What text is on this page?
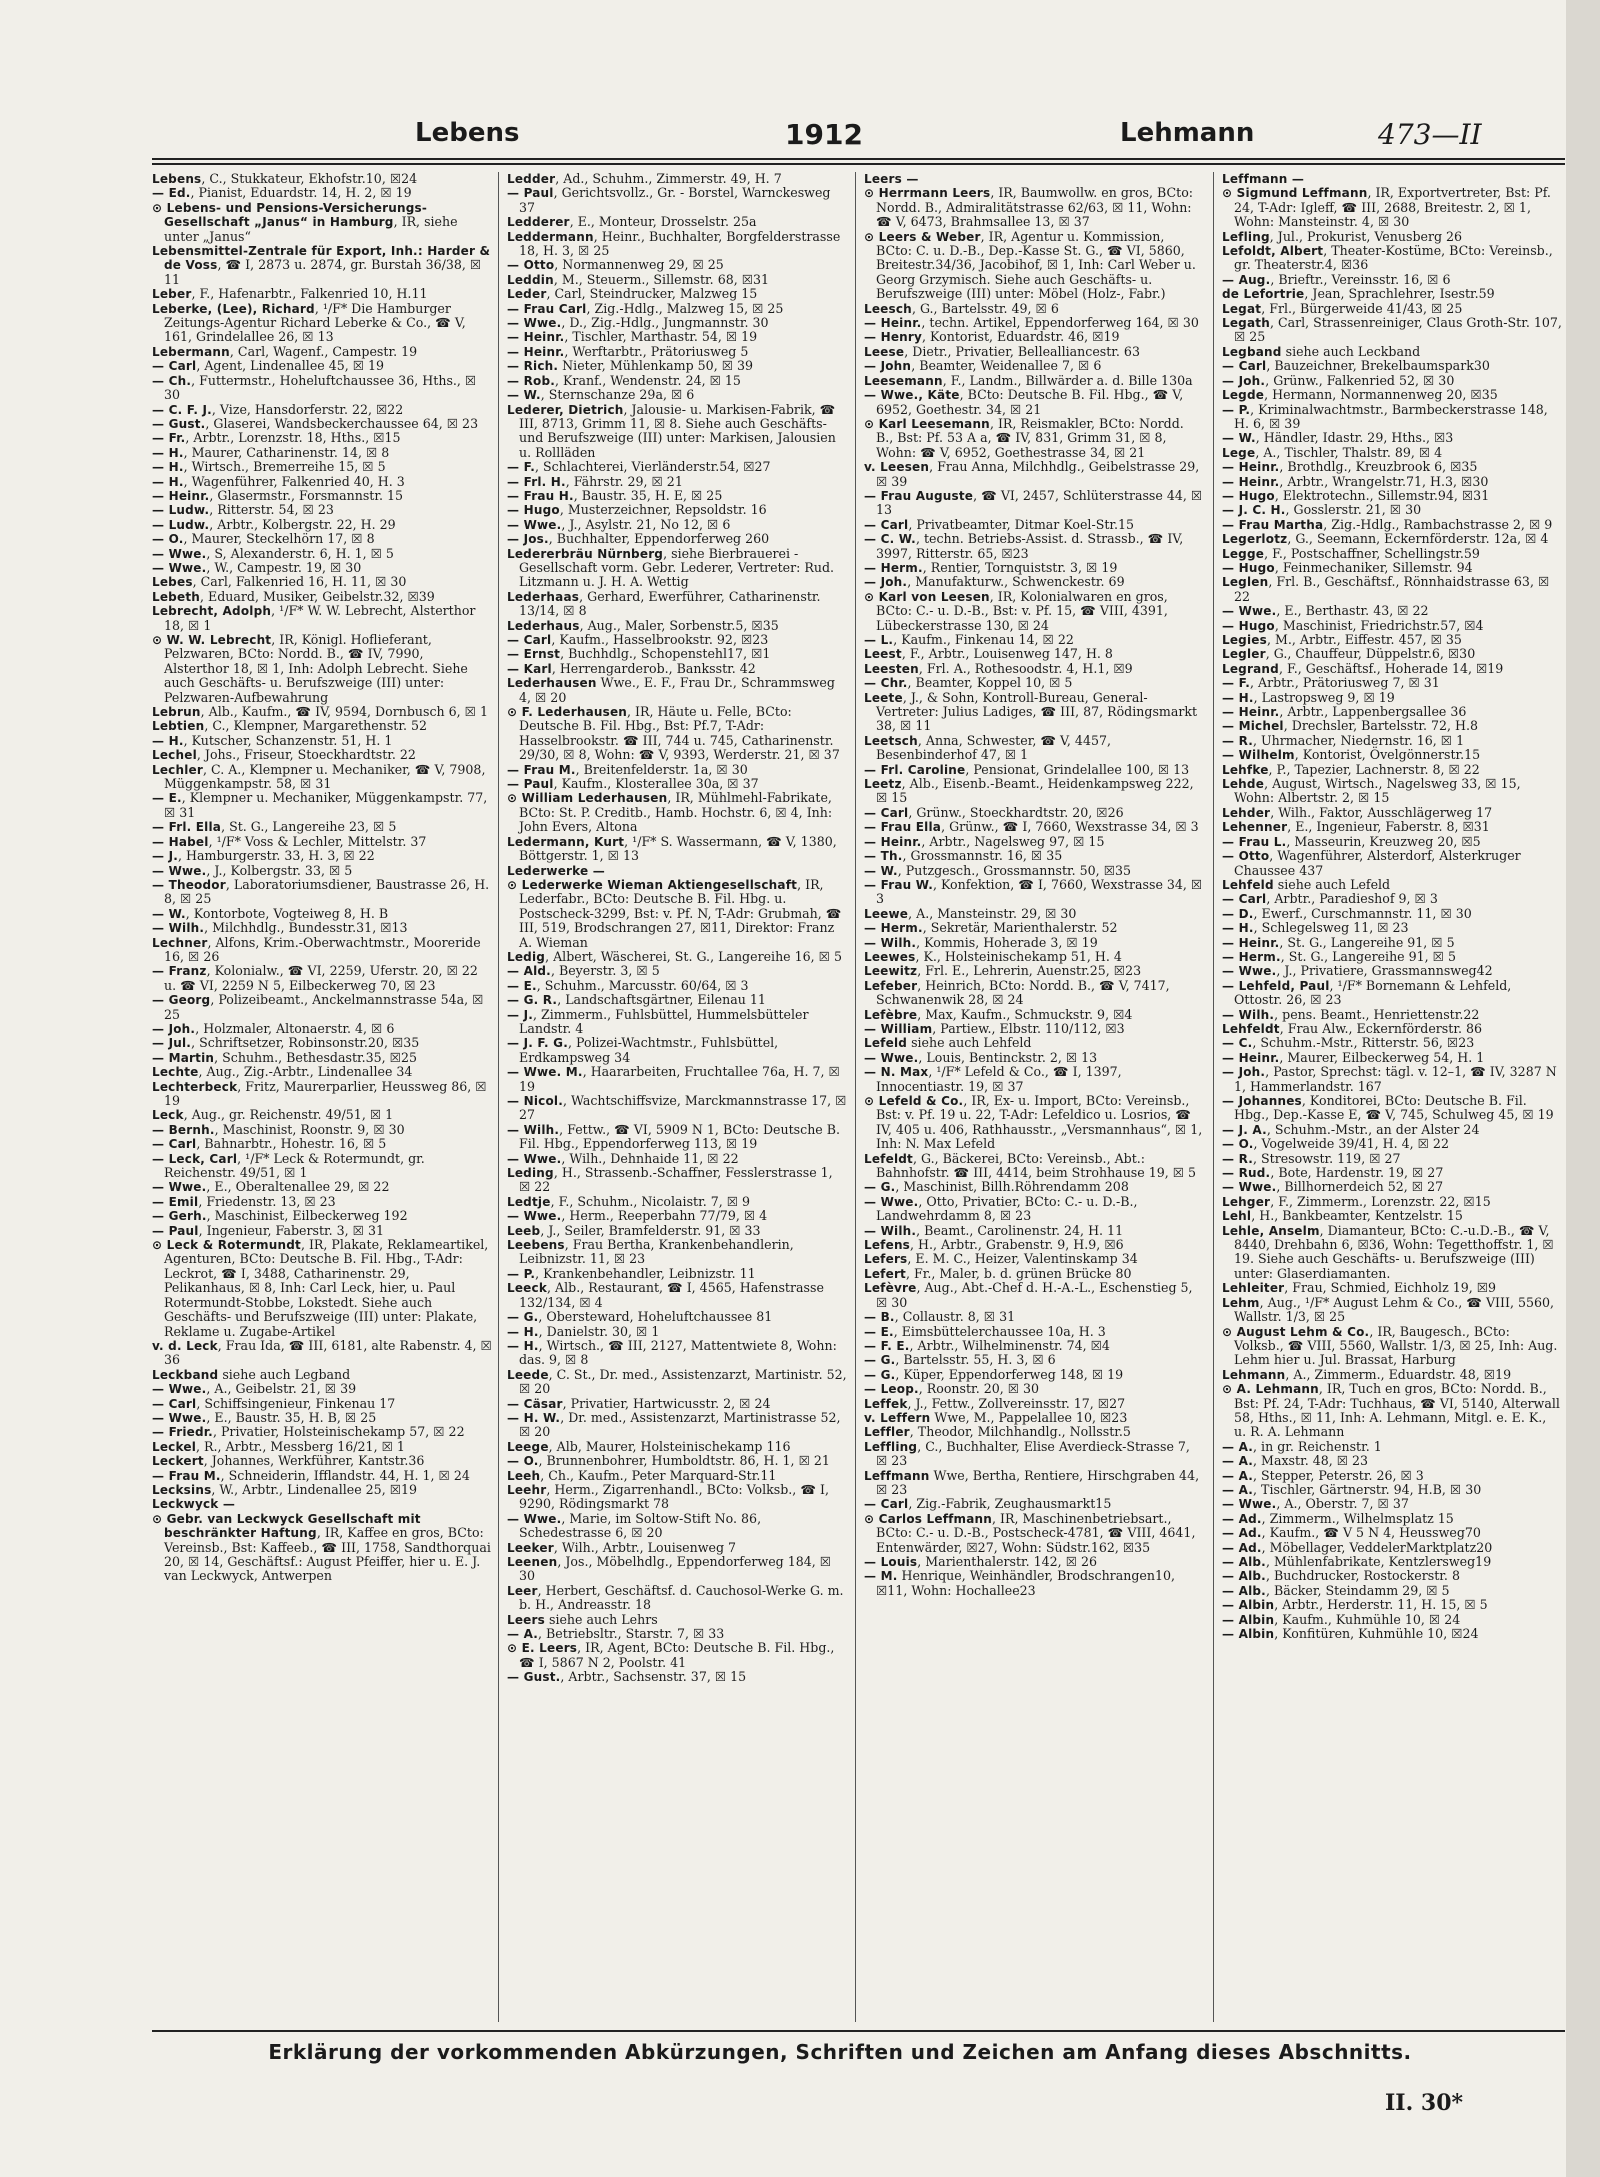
Lebens	1912	Lehmann	473—II

Lebens, C., Stukkateur, Ekhofstr.10, ☒24

— Ed., Pianist, Eduardstr. 14, H. 2, ☒ 19

⊙ Lebens- und Pensions-Versicherungs-Gesellschaft „Janus“ in Hamburg, IR, siehe unter „Janus“

Lebensmittel-Zentrale für Export, Inh.: Harder & de Voss, ☎ I, 2873 u. 2874, gr. Burstah 36/38, ☒ 11

Leber, F., Hafenarbtr., Falkenried 10, H.11

Leberke, (Lee), Richard, ¹/F* Die Hamburger Zeitungs-Agentur Richard Leberke & Co., ☎ V, 161, Grindelallee 26, ☒ 13

Lebermann, Carl, Wagenf., Campestr. 19

— Carl, Agent, Lindenallee 45, ☒ 19

— Ch., Futtermstr., Hoheluftchaussee 36, Hths., ☒ 30

— C. F. J., Vize, Hansdorferstr. 22, ☒22

— Gust., Glaserei, Wandsbeckerchaussee 64, ☒ 23

— Fr., Arbtr., Lorenzstr. 18, Hths., ☒15

— H., Maurer, Catharinenstr. 14, ☒ 8

— H., Wirtsch., Bremerreihe 15, ☒ 5

— H., Wagenführer, Falkenried 40, H. 3

— Heinr., Glasermstr., Forsmannstr. 15

— Ludw., Ritterstr. 54, ☒ 23

— Ludw., Arbtr., Kolbergstr. 22, H. 29

— O., Maurer, Steckelhörn 17, ☒ 8

— Wwe., S, Alexanderstr. 6, H. 1, ☒ 5

— Wwe., W., Campestr. 19, ☒ 30

Lebes, Carl, Falkenried 16, H. 11, ☒ 30

Lebeth, Eduard, Musiker, Geibelstr.32, ☒39

Lebrecht, Adolph, ¹/F* W. W. Lebrecht, Alsterthor 18, ☒ 1

⊙ W. W. Lebrecht, IR, Königl. Hoflieferant, Pelzwaren, BCto: Nordd. B., ☎ IV, 7990, Alsterthor 18, ☒ 1, Inh: Adolph Lebrecht. Siehe auch Geschäfts- u. Berufszweige (III) unter: Pelzwaren-Aufbewahrung

Lebrun, Alb., Kaufm., ☎ IV, 9594, Dornbusch 6, ☒ 1

Lebtien, C., Klempner, Margarethenstr. 52

— H., Kutscher, Schanzenstr. 51, H. 1

Lechel, Johs., Friseur, Stoeckhardtstr. 22

Lechler, C. A., Klempner u. Mechaniker, ☎ V, 7908, Müggenkampstr. 58, ☒ 31

— E., Klempner u. Mechaniker, Müggenkampstr. 77, ☒ 31

— Frl. Ella, St. G., Langereihe 23, ☒ 5

— Habel, ¹/F* Voss & Lechler, Mittelstr. 37

— J., Hamburgerstr. 33, H. 3, ☒ 22

— Wwe., J., Kolbergstr. 33, ☒ 5

— Theodor, Laboratoriumsdiener, Baustrasse 26, H. 8, ☒ 25

— W., Kontorbote, Vogteiweg 8, H. B

— Wilh., Milchhdlg., Bundesstr.31, ☒13

Lechner, Alfons, Krim.-Oberwachtmstr., Mooreride 16, ☒ 26

— Franz, Kolonialw., ☎ VI, 2259, Uferstr. 20, ☒ 22 u. ☎ VI, 2259 N 5, Eilbeckerweg 70, ☒ 23

— Georg, Polizeibeamt., Anckelmannstrasse 54a, ☒ 25

— Joh., Holzmaler, Altonaerstr. 4, ☒ 6

— Jul., Schriftsetzer, Robinsonstr.20, ☒35

— Martin, Schuhm., Bethesdastr.35, ☒25

Lechte, Aug., Zig.-Arbtr., Lindenallee 34

Lechterbeck, Fritz, Maurerparlier, Heussweg 86, ☒ 19

Leck, Aug., gr. Reichenstr. 49/51, ☒ 1

— Bernh., Maschinist, Roonstr. 9, ☒ 30

— Carl, Bahnarbtr., Hohestr. 16, ☒ 5

— Leck, Carl, ¹/F* Leck & Rotermundt, gr. Reichenstr. 49/51, ☒ 1

— Wwe., E., Oberaltenallee 29, ☒ 22

— Emil, Friedenstr. 13, ☒ 23

— Gerh., Maschinist, Eilbeckerweg 192

— Paul, Ingenieur, Faberstr. 3, ☒ 31

⊙ Leck & Rotermundt, IR, Plakate, Reklameartikel, Agenturen, BCto: Deutsche B. Fil. Hbg., T-Adr: Leckrot, ☎ I, 3488, Catharinenstr. 29, Pelikanhaus, ☒ 8, Inh: Carl Leck, hier, u. Paul Rotermundt-Stobbe, Lokstedt. Siehe auch Geschäfts- und Berufszweige (III) unter: Plakate, Reklame u. Zugabe-Artikel

v. d. Leck, Frau Ida, ☎ III, 6181, alte Rabenstr. 4, ☒ 36

Leckband siehe auch Legband

— Wwe., A., Geibelstr. 21, ☒ 39

— Carl, Schiffsingenieur, Finkenau 17

— Wwe., E., Baustr. 35, H. B, ☒ 25

— Friedr., Privatier, Holsteinischekamp 57, ☒ 22

Leckel, R., Arbtr., Messberg 16/21, ☒ 1

Leckert, Johannes, Werkführer, Kantstr.36

— Frau M., Schneiderin, Ifflandstr. 44, H. 1, ☒ 24

Lecksins, W., Arbtr., Lindenallee 25, ☒19

Leckwyck —

⊙ Gebr. van Leckwyck Gesellschaft mit beschränkter Haftung, IR, Kaffee en gros, BCto: Vereinsb., Bst: Kaffeeb., ☎ III, 1758, Sandthorquai 20, ☒ 14, Geschäftsf.: August Pfeiffer, hier u. E. J. van Leckwyck, Antwerpen

Ledder, Ad., Schuhm., Zimmerstr. 49, H. 7

— Paul, Gerichtsvollz., Gr. - Borstel, Warnckesweg 37

Ledderer, E., Monteur, Drosselstr. 25a

Leddermann, Heinr., Buchhalter, Borgfelderstrasse 18, H. 3, ☒ 25

— Otto, Normannenweg 29, ☒ 25

Leddin, M., Steuerm., Sillemstr. 68, ☒31

Leder, Carl, Steindrucker, Malzweg 15

— Frau Carl, Zig.-Hdlg., Malzweg 15, ☒ 25

— Wwe., D., Zig.-Hdlg., Jungmannstr. 30

— Heinr., Tischler, Marthastr. 54, ☒ 19

— Heinr., Werftarbtr., Prätoriusweg 5

— Rich. Nieter, Mühlenkamp 50, ☒ 39

— Rob., Kranf., Wendenstr. 24, ☒ 15

— W., Sternschanze 29a, ☒ 6

Lederer, Dietrich, Jalousie- u. Markisen-Fabrik, ☎ III, 8713, Grimm 11, ☒ 8. Siehe auch Geschäfts- und Berufszweige (III) unter: Markisen, Jalousien u. Rollläden

— F., Schlachterei, Vierländerstr.54, ☒27

— Frl. H., Fährstr. 29, ☒ 21

— Frau H., Baustr. 35, H. E, ☒ 25

— Hugo, Musterzeichner, Repsoldstr. 16

— Wwe., J., Asylstr. 21, No 12, ☒ 6

— Jos., Buchhalter, Eppendorferweg 260

Ledererbräu Nürnberg, siehe Bierbrauerei - Gesellschaft vorm. Gebr. Lederer, Vertreter: Rud. Litzmann u. J. H. A. Wettig

Lederhaas, Gerhard, Ewerführer, Catharinenstr. 13/14, ☒ 8

Lederhaus, Aug., Maler, Sorbenstr.5, ☒35

— Carl, Kaufm., Hasselbrookstr. 92, ☒23

— Ernst, Buchhdlg., Schopenstehl17, ☒1

— Karl, Herrengarderob., Banksstr. 42

Lederhausen Wwe., E. F., Frau Dr., Schrammsweg 4, ☒ 20

⊙ F. Lederhausen, IR, Häute u. Felle, BCto: Deutsche B. Fil. Hbg., Bst: Pf.7, T-Adr: Hasselbrookstr. ☎ III, 744 u. 745, Catharinenstr. 29/30, ☒ 8, Wohn: ☎ V, 9393, Werderstr. 21, ☒ 37

— Frau M., Breitenfelderstr. 1a, ☒ 30

— Paul, Kaufm., Klosterallee 30a, ☒ 37

⊙ William Lederhausen, IR, Mühlmehl-Fabrikate, BCto: St. P. Creditb., Hamb. Hochstr. 6, ☒ 4, Inh: John Evers, Altona

Ledermann, Kurt, ¹/F* S. Wassermann, ☎ V, 1380, Böttgerstr. 1, ☒ 13

Lederwerke —

⊙ Lederwerke Wieman Aktiengesellschaft, IR, Lederfabr., BCto: Deutsche B. Fil. Hbg. u. Postscheck-3299, Bst: v. Pf. N, T-Adr: Grubmah, ☎ III, 519, Brodschrangen 27, ☒11, Direktor: Franz A. Wieman

Ledig, Albert, Wäscherei, St. G., Langereihe 16, ☒ 5

— Ald., Beyerstr. 3, ☒ 5

— E., Schuhm., Marcusstr. 60/64, ☒ 3

— G. R., Landschaftsgärtner, Eilenau 11

— J., Zimmerm., Fuhlsbüttel, Hummelsbütteler Landstr. 4

— J. F. G., Polizei-Wachtmstr., Fuhlsbüttel, Erdkampsweg 34

— Wwe. M., Haararbeiten, Fruchtallee 76a, H. 7, ☒ 19

— Nicol., Wachtschiffsvize, Marckmannstrasse 17, ☒ 27

— Wilh., Fettw., ☎ VI, 5909 N 1, BCto: Deutsche B. Fil. Hbg., Eppendorferweg 113, ☒ 19

— Wwe., Wilh., Dehnhaide 11, ☒ 22

Leding, H., Strassenb.-Schaffner, Fesslerstrasse 1, ☒ 22

Ledtje, F., Schuhm., Nicolaistr. 7, ☒ 9

— Wwe., Herm., Reeperbahn 77/79, ☒ 4

Leeb, J., Seiler, Bramfelderstr. 91, ☒ 33

Leebens, Frau Bertha, Krankenbehandlerin, Leibnizstr. 11, ☒ 23

— P., Krankenbehandler, Leibnizstr. 11

Leeck, Alb., Restaurant, ☎ I, 4565, Hafenstrasse 132/134, ☒ 4

— G., Obersteward, Hoheluftchaussee 81

— H., Danielstr. 30, ☒ 1

— H., Wirtsch., ☎ III, 2127, Mattentwiete 8, Wohn: das. 9, ☒ 8

Leede, C. St., Dr. med., Assistenzarzt, Martinistr. 52, ☒ 20

— Cäsar, Privatier, Hartwicusstr. 2, ☒ 24

— H. W., Dr. med., Assistenzarzt, Martinistrasse 52, ☒ 20

Leege, Alb, Maurer, Holsteinischekamp 116

— O., Brunnenbohrer, Humboldtstr. 86, H. 1, ☒ 21

Leeh, Ch., Kaufm., Peter Marquard-Str.11

Leehr, Herm., Zigarrenhandl., BCto: Volksb., ☎ I, 9290, Rödingsmarkt 78

— Wwe., Marie, im Soltow-Stift No. 86, Schedestrasse 6, ☒ 20

Leeker, Wilh., Arbtr., Louisenweg 7

Leenen, Jos., Möbelhdlg., Eppendorferweg 184, ☒ 30

Leer, Herbert, Geschäftsf. d. Cauchosol-Werke G. m. b. H., Andreasstr. 18

Leers siehe auch Lehrs

— A., Betriebsltr., Starstr. 7, ☒ 33

⊙ E. Leers, IR, Agent, BCto: Deutsche B. Fil. Hbg., ☎ I, 5867 N 2, Poolstr. 41

— Gust., Arbtr., Sachsenstr. 37, ☒ 15

Leers —

⊙ Herrmann Leers, IR, Baumwollw. en gros, BCto: Nordd. B., Admiralitätstrasse 62/63, ☒ 11, Wohn: ☎ V, 6473, Brahmsallee 13, ☒ 37

⊙ Leers & Weber, IR, Agentur u. Kommission, BCto: C. u. D.-B., Dep.-Kasse St. G., ☎ VI, 5860, Breitestr.34/36, Jacobihof, ☒ 1, Inh: Carl Weber u. Georg Grzymisch. Siehe auch Geschäfts- u. Berufszweige (III) unter: Möbel (Holz-, Fabr.)

Leesch, G., Bartelsstr. 49, ☒ 6

— Heinr., techn. Artikel, Eppendorferweg 164, ☒ 30

— Henry, Kontorist, Eduardstr. 46, ☒19

Leese, Dietr., Privatier, Bellealliancestr. 63

— John, Beamter, Weidenallee 7, ☒ 6

Leesemann, F., Landm., Billwärder a. d. Bille 130a

— Wwe., Käte, BCto: Deutsche B. Fil. Hbg., ☎ V, 6952, Goethestr. 34, ☒ 21

⊙ Karl Leesemann, IR, Reismakler, BCto: Nordd. B., Bst: Pf. 53 A a, ☎ IV, 831, Grimm 31, ☒ 8, Wohn: ☎ V, 6952, Goethestrasse 34, ☒ 21

v. Leesen, Frau Anna, Milchhdlg., Geibelstrasse 29, ☒ 39

— Frau Auguste, ☎ VI, 2457, Schlüterstrasse 44, ☒ 13

— Carl, Privatbeamter, Ditmar Koel-Str.15

— C. W., techn. Betriebs-Assist. d. Strassb., ☎ IV, 3997, Ritterstr. 65, ☒23

— Herm., Rentier, Tornquiststr. 3, ☒ 19

— Joh., Manufakturw., Schwenckestr. 69

⊙ Karl von Leesen, IR, Kolonialwaren en gros, BCto: C.- u. D.-B., Bst: v. Pf. 15, ☎ VIII, 4391, Lübeckerstrasse 130, ☒ 24

— L., Kaufm., Finkenau 14, ☒ 22

Leest, F., Arbtr., Louisenweg 147, H. 8

Leesten, Frl. A., Rothesoodstr. 4, H.1, ☒9

— Chr., Beamter, Koppel 10, ☒ 5

Leete, J., & Sohn, Kontroll-Bureau, General-Vertreter: Julius Ladiges, ☎ III, 87, Rödingsmarkt 38, ☒ 11

Leetsch, Anna, Schwester, ☎ V, 4457, Besenbinderhof 47, ☒ 1

— Frl. Caroline, Pensionat, Grindelallee 100, ☒ 13

Leetz, Alb., Eisenb.-Beamt., Heidenkampsweg 222, ☒ 15

— Carl, Grünw., Stoeckhardtstr. 20, ☒26

— Frau Ella, Grünw., ☎ I, 7660, Wexstrasse 34, ☒ 3

— Heinr., Arbtr., Nagelsweg 97, ☒ 15

— Th., Grossmannstr. 16, ☒ 35

— W., Putzgesch., Grossmannstr. 50, ☒35

— Frau W., Konfektion, ☎ I, 7660, Wexstrasse 34, ☒ 3

Leewe, A., Mansteinstr. 29, ☒ 30

— Herm., Sekretär, Marienthalerstr. 52

— Wilh., Kommis, Hoherade 3, ☒ 19

Leewes, K., Holsteinischekamp 51, H. 4

Leewitz, Frl. E., Lehrerin, Auenstr.25, ☒23

Lefeber, Heinrich, BCto: Nordd. B., ☎ V, 7417, Schwanenwik 28, ☒ 24

Lefèbre, Max, Kaufm., Schmuckstr. 9, ☒4

— William, Partiew., Elbstr. 110/112, ☒3

Lefeld siehe auch Lehfeld

— Wwe., Louis, Bentinckstr. 2, ☒ 13

— N. Max, ¹/F* Lefeld & Co., ☎ I, 1397, Innocentiastr. 19, ☒ 37

⊙ Lefeld & Co., IR, Ex- u. Import, BCto: Vereinsb., Bst: v. Pf. 19 u. 22, T-Adr: Lefeldico u. Losrios, ☎ IV, 405 u. 406, Rathhausstr., „Versmannhaus“, ☒ 1, Inh: N. Max Lefeld

Lefeldt, G., Bäckerei, BCto: Vereinsb., Abt.: Bahnhofstr. ☎ III, 4414, beim Strohhause 19, ☒ 5

— G., Maschinist, Billh.Röhrendamm 208

— Wwe., Otto, Privatier, BCto: C.- u. D.-B., Landwehrdamm 8, ☒ 23

— Wilh., Beamt., Carolinenstr. 24, H. 11

Lefens, H., Arbtr., Grabenstr. 9, H.9, ☒6

Lefers, E. M. C., Heizer, Valentinskamp 34

Lefert, Fr., Maler, b. d. grünen Brücke 80

Lefèvre, Aug., Abt.-Chef d. H.-A.-L., Eschenstieg 5, ☒ 30

— B., Collaustr. 8, ☒ 31

— E., Eimsbüttelerchaussee 10a, H. 3

— F. E., Arbtr., Wilhelminenstr. 74, ☒4

— G., Bartelsstr. 55, H. 3, ☒ 6

— G., Küper, Eppendorferweg 148, ☒ 19

— Leop., Roonstr. 20, ☒ 30

Leffek, J., Fettw., Zollvereinsstr. 17, ☒27

v. Leffern Wwe, M., Pappelallee 10, ☒23

Leffler, Theodor, Milchhandlg., Nollsstr.5

Leffling, C., Buchhalter, Elise Averdieck-Strasse 7, ☒ 23

Leffmann Wwe, Bertha, Rentiere, Hirschgraben 44, ☒ 23

— Carl, Zig.-Fabrik, Zeughausmarkt15

⊙ Carlos Leffmann, IR, Maschinenbetriebsart., BCto: C.- u. D.-B., Postscheck-4781, ☎ VIII, 4641, Entenwärder, ☒27, Wohn: Südstr.162, ☒35

— Louis, Marienthalerstr. 142, ☒ 26

— M. Henrique, Weinhändler, Brodschrangen10, ☒11, Wohn: Hochallee23

Leffmann —

⊙ Sigmund Leffmann, IR, Exportvertreter, Bst: Pf. 24, T-Adr: Igleff, ☎ III, 2688, Breitestr. 2, ☒ 1, Wohn: Mansteinstr. 4, ☒ 30

Lefling, Jul., Prokurist, Venusberg 26

Lefoldt, Albert, Theater-Kostüme, BCto: Vereinsb., gr. Theaterstr.4, ☒36

— Aug., Brieftr., Vereinsstr. 16, ☒ 6

de Lefortrie, Jean, Sprachlehrer, Isestr.59

Legat, Frl., Bürgerweide 41/43, ☒ 25

Legath, Carl, Strassenreiniger, Claus Groth-Str. 107, ☒ 25

Legband siehe auch Leckband

— Carl, Bauzeichner, Brekelbaumspark30

— Joh., Grünw., Falkenried 52, ☒ 30

Legde, Hermann, Normannenweg 20, ☒35

— P., Kriminalwachtmstr., Barmbeckerstrasse 148, H. 6, ☒ 39

— W., Händler, Idastr. 29, Hths., ☒3

Lege, A., Tischler, Thalstr. 89, ☒ 4

— Heinr., Brothdlg., Kreuzbrook 6, ☒35

— Heinr., Arbtr., Wrangelstr.71, H.3, ☒30

— Hugo, Elektrotechn., Sillemstr.94, ☒31

— J. C. H., Gosslerstr. 21, ☒ 30

— Frau Martha, Zig.-Hdlg., Rambachstrasse 2, ☒ 9

Legerlotz, G., Seemann, Eckernförderstr. 12a, ☒ 4

Legge, F., Postschaffner, Schellingstr.59

— Hugo, Feinmechaniker, Sillemstr. 94

Leglen, Frl. B., Geschäftsf., Rönnhaidstrasse 63, ☒ 22

— Wwe., E., Berthastr. 43, ☒ 22

— Hugo, Maschinist, Friedrichstr.57, ☒4

Legies, M., Arbtr., Eiffestr. 457, ☒ 35

Legler, G., Chauffeur, Düppelstr.6, ☒30

Legrand, F., Geschäftsf., Hoherade 14, ☒19

— F., Arbtr., Prätoriusweg 7, ☒ 31

— H., Lastropsweg 9, ☒ 19

— Heinr., Arbtr., Lappenbergsallee 36

— Michel, Drechsler, Bartelsstr. 72, H.8

— R., Uhrmacher, Niedernstr. 16, ☒ 1

— Wilhelm, Kontorist, Övelgönnerstr.15

Lehfke, P., Tapezier, Lachnerstr. 8, ☒ 22

Lehde, August, Wirtsch., Nagelsweg 33, ☒ 15, Wohn: Albertstr. 2, ☒ 15

Lehder, Wilh., Faktor, Ausschlägerweg 17

Lehenner, E., Ingenieur, Faberstr. 8, ☒31

— Frau L., Masseurin, Kreuzweg 20, ☒5

— Otto, Wagenführer, Alsterdorf, Alsterkruger Chaussee 437

Lehfeld siehe auch Lefeld

— Carl, Arbtr., Paradieshof 9, ☒ 3

— D., Ewerf., Curschmannstr. 11, ☒ 30

— H., Schlegelsweg 11, ☒ 23

— Heinr., St. G., Langereihe 91, ☒ 5

— Herm., St. G., Langereihe 91, ☒ 5

— Wwe., J., Privatiere, Grassmannsweg42

— Lehfeld, Paul, ¹/F* Bornemann & Lehfeld, Ottostr. 26, ☒ 23

— Wilh., pens. Beamt., Henriettenstr.22

Lehfeldt, Frau Alw., Eckernförderstr. 86

— C., Schuhm.-Mstr., Ritterstr. 56, ☒23

— Heinr., Maurer, Eilbeckerweg 54, H. 1

— Joh., Pastor, Sprechst: tägl. v. 12–1, ☎ IV, 3287 N 1, Hammerlandstr. 167

— Johannes, Konditorei, BCto: Deutsche B. Fil. Hbg., Dep.-Kasse E, ☎ V, 745, Schulweg 45, ☒ 19

— J. A., Schuhm.-Mstr., an der Alster 24

— O., Vogelweide 39/41, H. 4, ☒ 22

— R., Stresowstr. 119, ☒ 27

— Rud., Bote, Hardenstr. 19, ☒ 27

— Wwe., Billhornerdeich 52, ☒ 27

Lehger, F., Zimmerm., Lorenzstr. 22, ☒15

Lehl, H., Bankbeamter, Kentzelstr. 15

Lehle, Anselm, Diamanteur, BCto: C.-u.D.-B., ☎ V, 8440, Drehbahn 6, ☒36, Wohn: Tegetthoffstr. 1, ☒ 19. Siehe auch Geschäfts- u. Berufszweige (III) unter: Glaserdiamanten.

Lehleiter, Frau, Schmied, Eichholz 19, ☒9

Lehm, Aug., ¹/F* August Lehm & Co., ☎ VIII, 5560, Wallstr. 1/3, ☒ 25

⊙ August Lehm & Co., IR, Baugesch., BCto: Volksb., ☎ VIII, 5560, Wallstr. 1/3, ☒ 25, Inh: Aug. Lehm hier u. Jul. Brassat, Harburg

Lehmann, A., Zimmerm., Eduardstr. 48, ☒19

⊙ A. Lehmann, IR, Tuch en gros, BCto: Nordd. B., Bst: Pf. 24, T-Adr: Tuchhaus, ☎ VI, 5140, Alterwall 58, Hths., ☒ 11, Inh: A. Lehmann, Mitgl. e. E. K., u. R. A. Lehmann

— A., in gr. Reichenstr. 1

— A., Maxstr. 48, ☒ 23

— A., Stepper, Peterstr. 26, ☒ 3

— A., Tischler, Gärtnerstr. 94, H.B, ☒ 30

— Wwe., A., Oberstr. 7, ☒ 37

— Ad., Zimmerm., Wilhelmsplatz 15

— Ad., Kaufm., ☎ V 5 N 4, Heussweg70

— Ad., Möbellager, VeddelerMarktplatz20

— Alb., Mühlenfabrikate, Kentzlersweg19

— Alb., Buchdrucker, Rostockerstr. 8

— Alb., Bäcker, Steindamm 29, ☒ 5

— Albin, Arbtr., Herderstr. 11, H. 15, ☒ 5

— Albin, Kaufm., Kuhmühle 10, ☒ 24

— Albin, Konfitüren, Kuhmühle 10, ☒24

Erklärung der vorkommenden Abkürzungen, Schriften und Zeichen am Anfang dieses Abschnitts.
II. 30*
